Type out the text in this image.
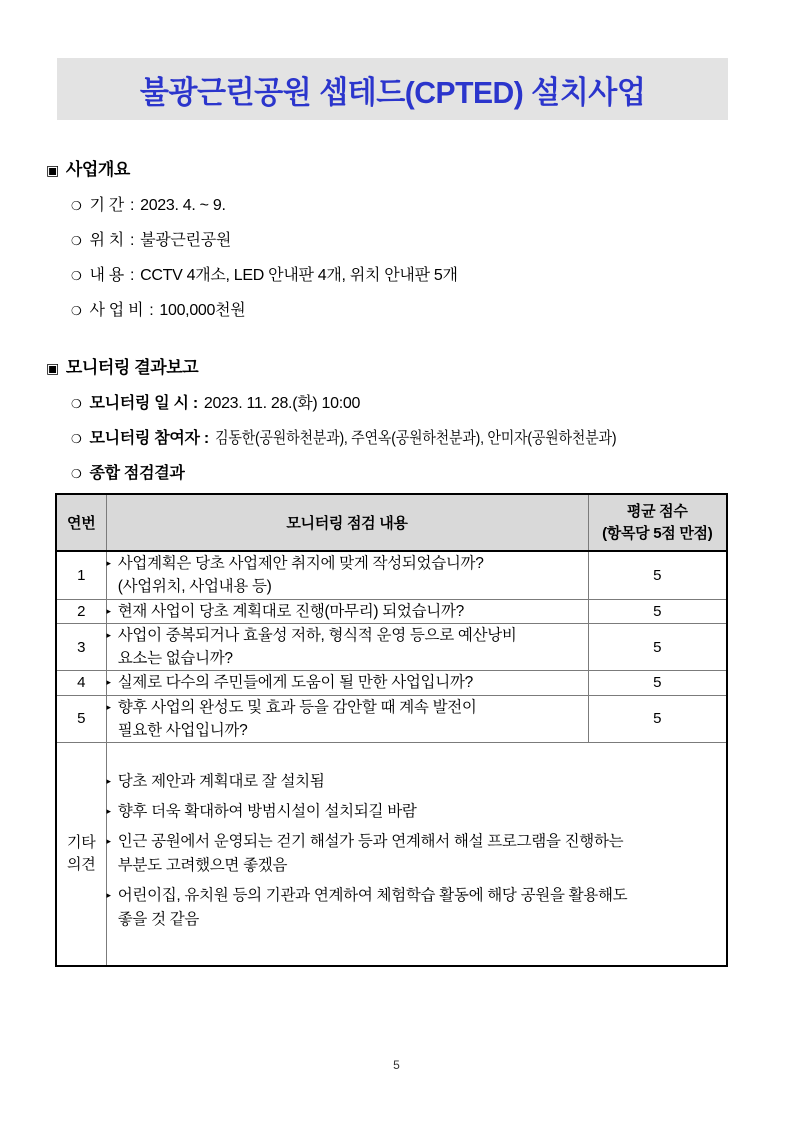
불광근린공원 셉테드(CPTED) 설치사업
▣ 사업개요
❍ 기 간 : 2023. 4. ~ 9.
❍ 위 치 : 불광근린공원
❍ 내 용 : CCTV 4개소, LED 안내판 4개, 위치 안내판 5개
❍ 사 업 비 : 100,000천원
▣ 모니터링 결과보고
❍ 모니터링 일 시 : 2023. 11. 28.(화) 10:00
❍ 모니터링 참여자 : 김동한(공원하천분과), 주연옥(공원하천분과), 안미자(공원하천분과)
❍ 종합 점검결과
연번	모니터링 점검 내용	평균 점수
(항목당 5점 만점)

1	▸ 사업계획은 당초 사업제안 취지에 맞게 작성되었습니까?
(사업위치, 사업내용 등)	5
2	▸ 현재 사업이 당초 계획대로 진행(마무리) 되었습니까?	5
3	▸ 사업이 중복되거나 효율성 저하, 형식적 운영 등으로 예산낭비
요소는 없습니까?	5
4	▸ 실제로 다수의 주민들에게 도움이 될 만한 사업입니까?	5
5	▸ 향후 사업의 완성도 및 효과 등을 감안할 때 계속 발전이
필요한 사업입니까?	5

기타
의견

▸ 당초 제안과 계획대로 잘 설치됨
▸ 향후 더욱 확대하여 방범시설이 설치되길 바람
▸ 인근 공원에서 운영되는 걷기 해설가 등과 연계해서 해설 프로그램을 진행하는
부분도 고려했으면 좋겠음
▸ 어린이집, 유치원 등의 기관과 연계하여 체험학습 활동에 해당 공원을 활용해도
좋을 것 같음
5
